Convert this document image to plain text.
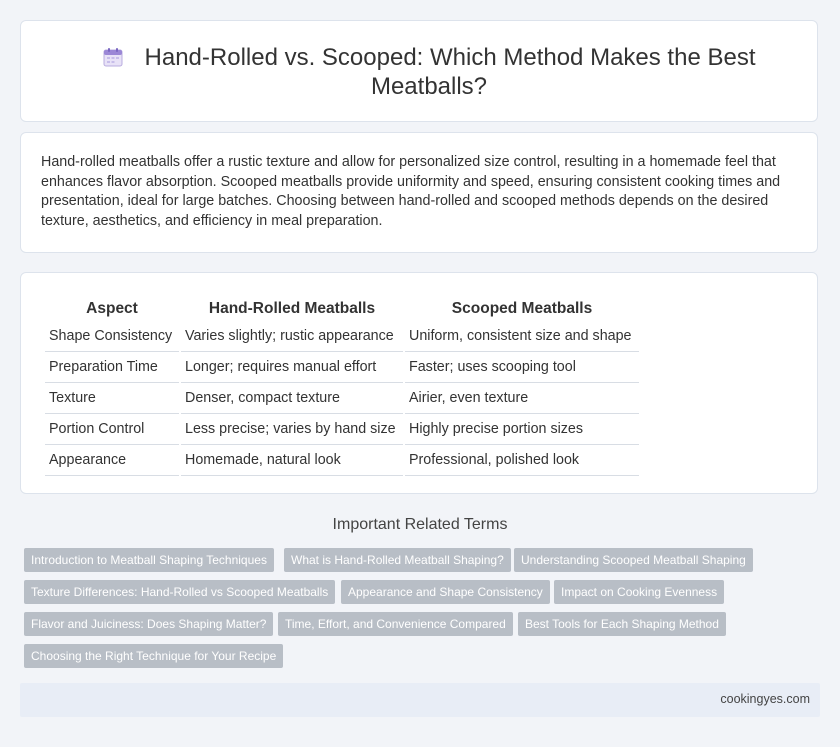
Hand-Rolled vs. Scooped: Which Method Makes the Best Meatballs?

Hand-rolled meatballs offer a rustic texture and allow for personalized size control, resulting in a homemade feel that enhances flavor absorption. Scooped meatballs provide uniformity and speed, ensuring consistent cooking times and presentation, ideal for large batches. Choosing between hand-rolled and scooped methods depends on the desired texture, aesthetics, and efficiency in meal preparation.

Aspect	Hand-Rolled Meatballs	Scooped Meatballs
Shape Consistency	Varies slightly; rustic appearance	Uniform, consistent size and shape
Preparation Time	Longer; requires manual effort	Faster; uses scooping tool
Texture	Denser, compact texture	Airier, even texture
Portion Control	Less precise; varies by hand size	Highly precise portion sizes
Appearance	Homemade, natural look	Professional, polished look
Important Related Terms
Introduction to Meatball Shaping Techniques	What is Hand-Rolled Meatball Shaping?	Understanding Scooped Meatball Shaping
Texture Differences: Hand-Rolled vs Scooped Meatballs	Appearance and Shape Consistency	Impact on Cooking Evenness
Flavor and Juiciness: Does Shaping Matter?	Time, Effort, and Convenience Compared	Best Tools for Each Shaping Method
Choosing the Right Technique for Your Recipe
cookingyes.com
